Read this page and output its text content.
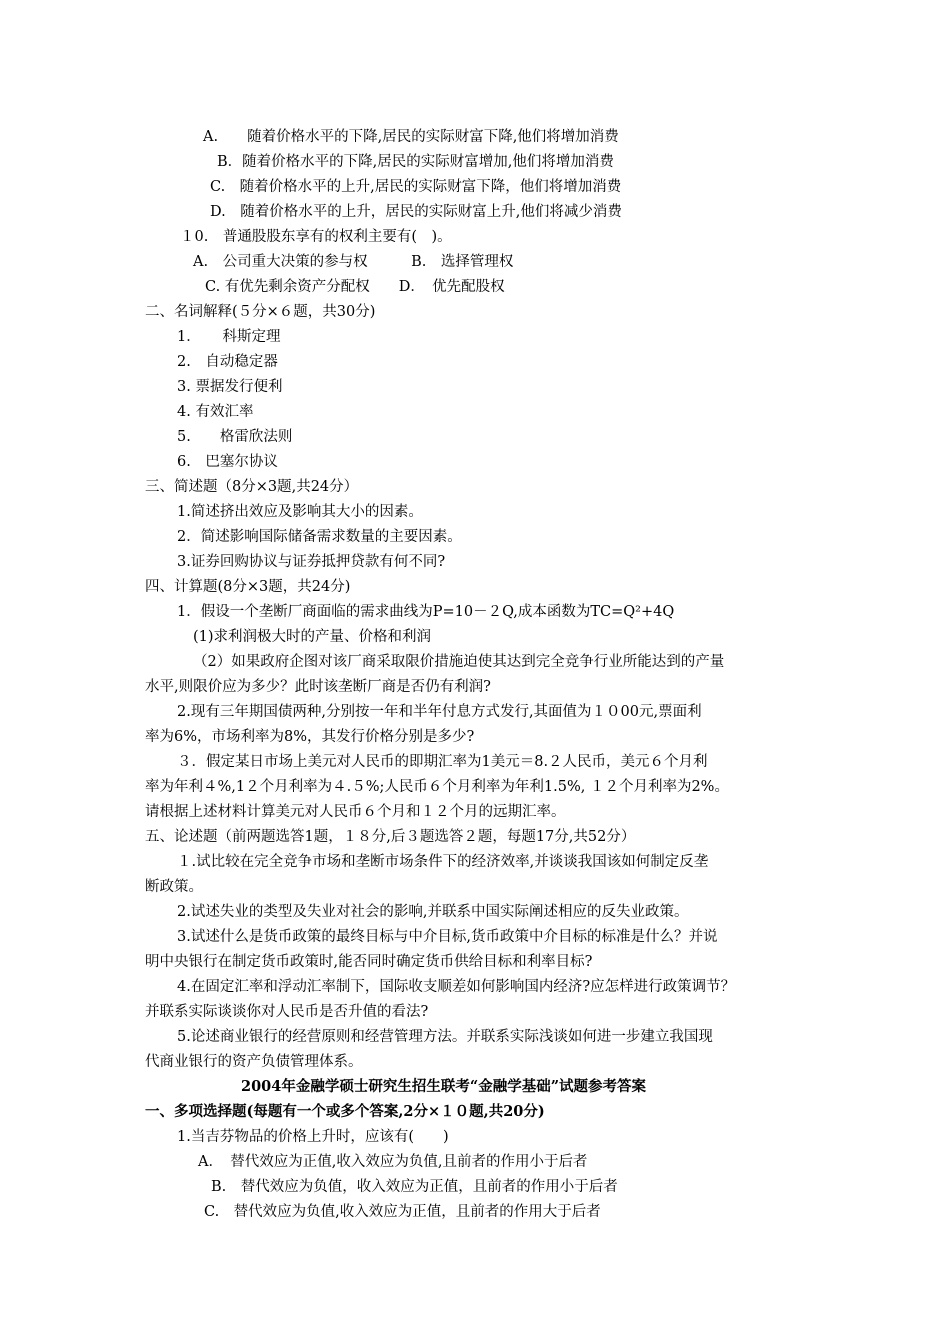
A.　　随着价格水平的下降,居民的实际财富下降,他们将增加消费
B．随着价格水平的下降,居民的实际财富增加,他们将增加消费
C.　随着价格水平的上升,居民的实际财富下降，他们将增加消费
D.　随着价格水平的上升，居民的实际财富上升,他们将减少消费
１0.　普通股股东享有的权利主要有(　)。
A.　公司重大决策的参与权　　　B.　选择管理权
C. 有优先剩余资产分配权　　D．　优先配股权
二、名词解释(５分×６题，共30分)
1．　　科斯定理
2.　自动稳定器
3. 票据发行便利
4. 有效汇率
5.　　格雷欣法则
6.　巴塞尔协议
三、简述题（8分×3题,共24分）
1.简述挤出效应及影响其大小的因素。
2．简述影响国际储备需求数量的主要因素。
3.证券回购协议与证券抵押贷款有何不同?
四、计算题(8分×3题，共24分)
1．假设一个垄断厂商面临的需求曲线为P=10－２Q,成本函数为TC=Q²+4Q
(1)求利润极大时的产量、价格和利润
（2）如果政府企图对该厂商采取限价措施迫使其达到完全竞争行业所能达到的产量
水平,则限价应为多少？此时该垄断厂商是否仍有利润?
2.现有三年期国债两种,分别按一年和半年付息方式发行,其面值为１０00元,票面利
率为6%，市场利率为8%，其发行价格分别是多少?
３．假定某日市场上美元对人民币的即期汇率为1美元＝8.２人民币，美元６个月利
率为年利４%,1２个月利率为４.５%;人民币６个月利率为年利1.5%, １２个月利率为2%。
请根据上述材料计算美元对人民币６个月和１２个月的远期汇率。
五、论述题（前两题选答1题，１８分,后３题选答２题，每题17分,共52分）
１.试比较在完全竞争市场和垄断市场条件下的经济效率,并谈谈我国该如何制定反垄
断政策。
2.试述失业的类型及失业对社会的影响,并联系中国实际阐述相应的反失业政策。
3.试述什么是货币政策的最终目标与中介目标,货币政策中介目标的标准是什么？并说
明中央银行在制定货币政策时,能否同时确定货币供给目标和利率目标?
4.在固定汇率和浮动汇率制下，国际收支顺差如何影响国内经济?应怎样进行政策调节？
并联系实际谈谈你对人民币是否升值的看法?
5.论述商业银行的经营原则和经营管理方法。并联系实际浅谈如何进一步建立我国现
代商业银行的资产负债管理体系。
2004年金融学硕士研究生招生联考“金融学基础”试题参考答案
一、多项选择题(每题有一个或多个答案,2分×１０题,共20分)
1.当吉芬物品的价格上升时，应该有(　　)
A．　替代效应为正值,收入效应为负值,且前者的作用小于后者
B.　替代效应为负值，收入效应为正值，且前者的作用小于后者
C.　替代效应为负值,收入效应为正值，且前者的作用大于后者
